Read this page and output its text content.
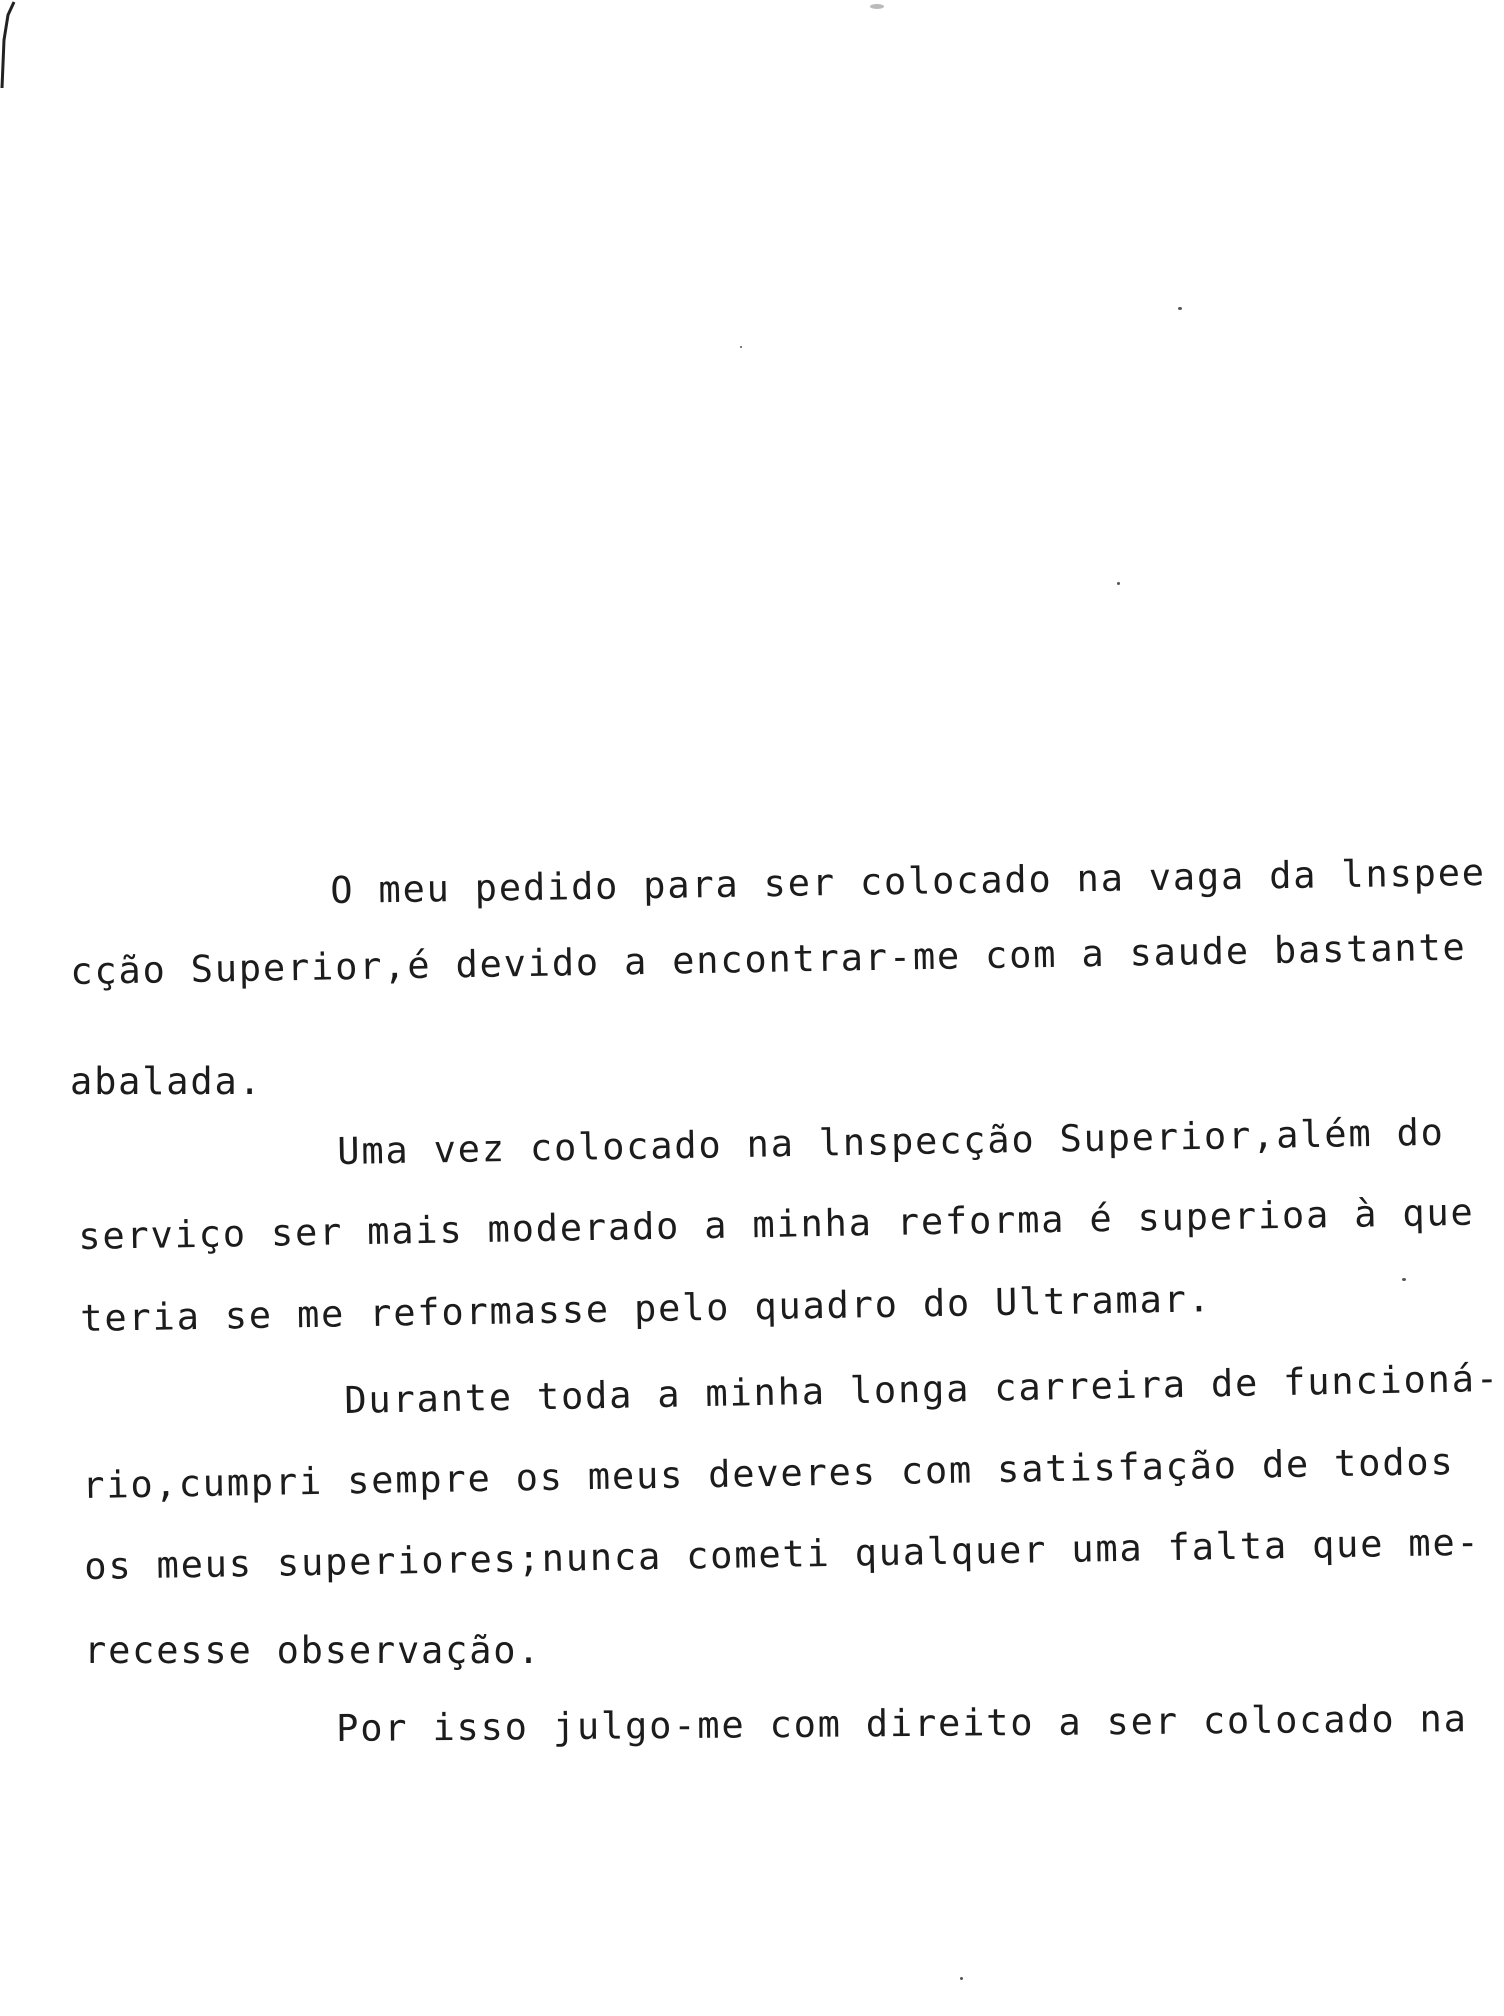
O meu pedido para ser colocado na vaga da lnspee
cção Superior,é devido a encontrar-me com a saude bastante
abalada.
Uma vez colocado na lnspecção Superior,além do
serviço ser mais moderado a minha reforma é superioa à que
teria se me reformasse pelo quadro do Ultramar.
Durante toda a minha longa carreira de funcioná-
rio,cumpri sempre os meus deveres com satisfação de todos
os meus superiores;nunca cometi qualquer uma falta que me-
recesse observação.
Por isso julgo-me com direito a ser colocado na
